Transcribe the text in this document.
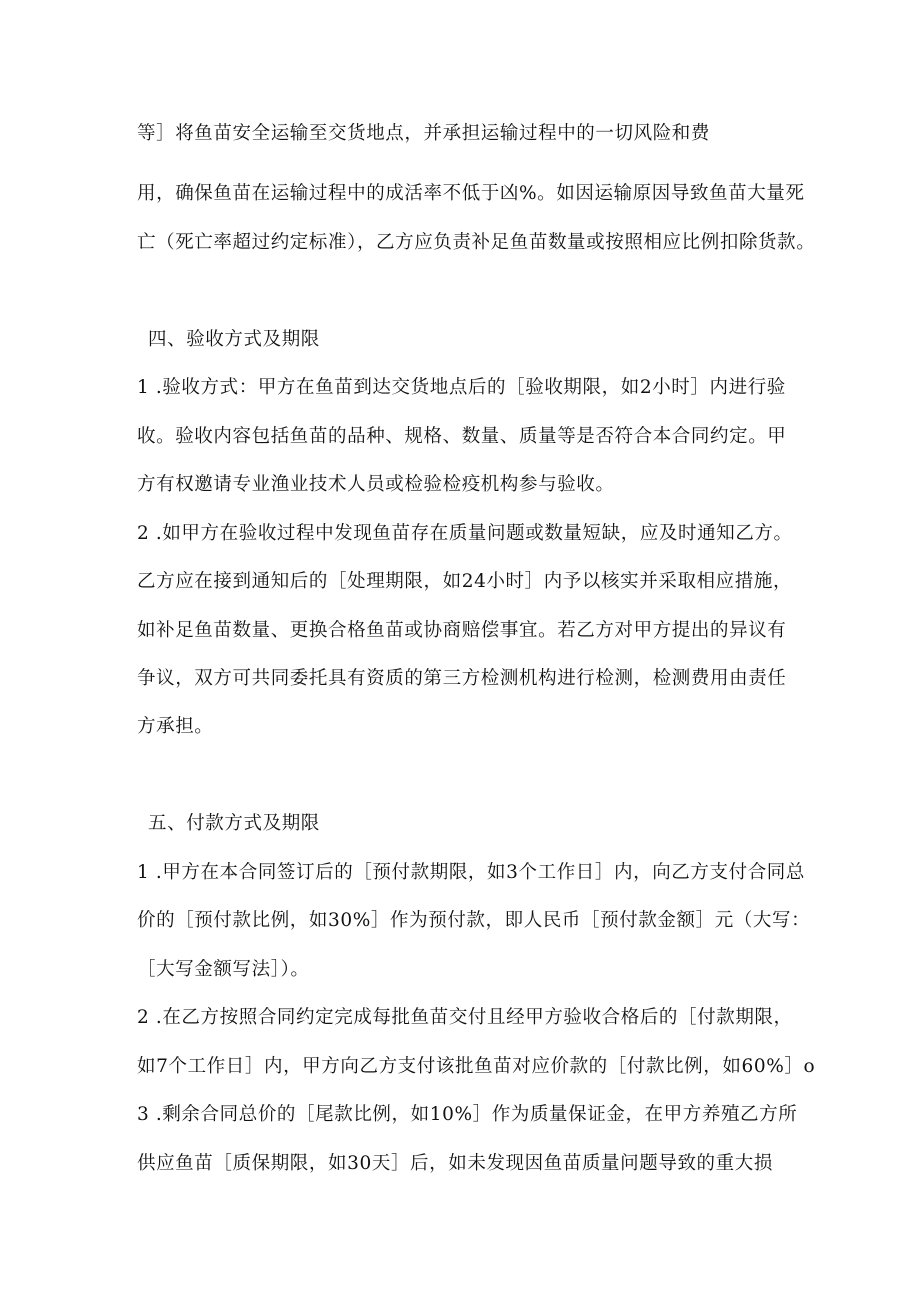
等］将鱼苗安全运输至交货地点，并承担运输过程中的一切风险和费
用，确保鱼苗在运输过程中的成活率不低于凶%。如因运输原因导致鱼苗大量死
亡（死亡率超过约定标准），乙方应负责补足鱼苗数量或按照相应比例扣除货款。
四、验收方式及期限
1 .验收方式：甲方在鱼苗到达交货地点后的［验收期限，如2小时］内进行验
收。验收内容包括鱼苗的品种、规格、数量、质量等是否符合本合同约定。甲
方有权邀请专业渔业技术人员或检验检疫机构参与验收。
2 .如甲方在验收过程中发现鱼苗存在质量问题或数量短缺，应及时通知乙方。
乙方应在接到通知后的［处理期限，如24小时］内予以核实并采取相应措施，
如补足鱼苗数量、更换合格鱼苗或协商赔偿事宜。若乙方对甲方提出的异议有
争议，双方可共同委托具有资质的第三方检测机构进行检测，检测费用由责任
方承担。
五、付款方式及期限
1 .甲方在本合同签订后的［预付款期限，如3个工作日］内，向乙方支付合同总
价的［预付款比例，如30%］作为预付款，即人民币［预付款金额］元（大写：
［大写金额写法］）。
2 .在乙方按照合同约定完成每批鱼苗交付且经甲方验收合格后的［付款期限，
如7个工作日］内，甲方向乙方支付该批鱼苗对应价款的［付款比例，如60%］o
3 .剩余合同总价的［尾款比例，如10%］作为质量保证金，在甲方养殖乙方所
供应鱼苗［质保期限，如30天］后，如未发现因鱼苗质量问题导致的重大损
